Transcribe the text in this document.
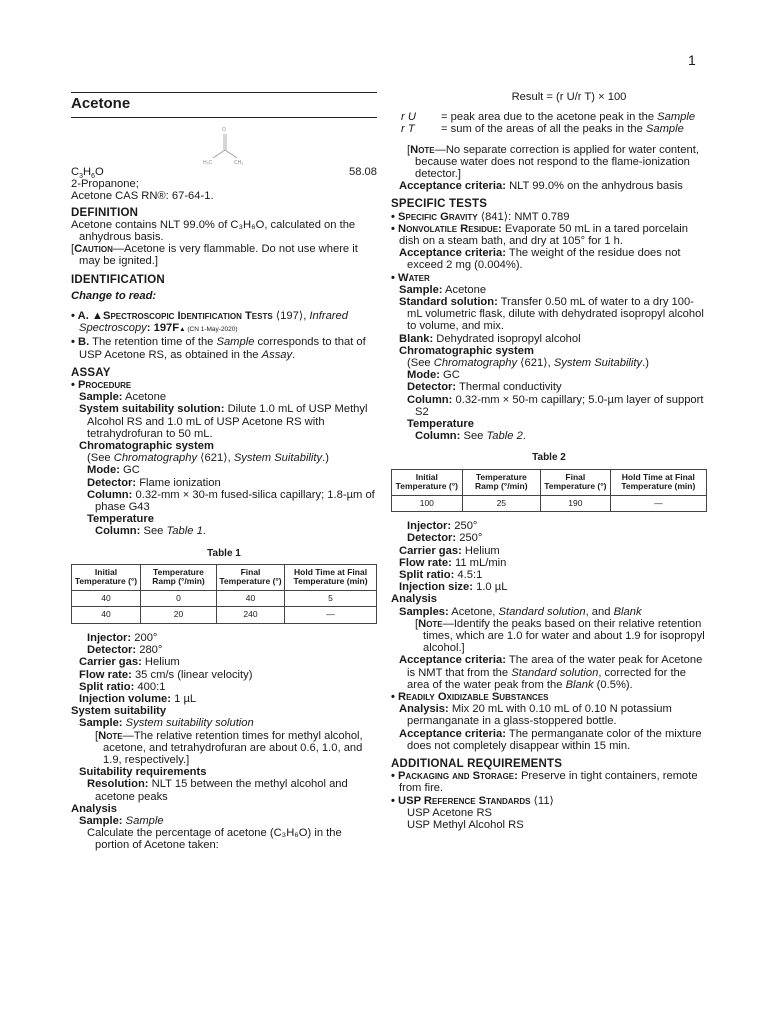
1
Acetone
O
H₃C	CH₃
$C_3H_6O$	58.08
2-Propanone;
Acetone CAS RN®: 67-64-1.
DEFINITION
Acetone contains NLT 99.0% of C₃H₆O, calculated on the anhydrous basis.
[Caution—Acetone is very flammable. Do not use where it may be ignited.]
IDENTIFICATION
Change to read:
• A. ▲Spectroscopic Identification Tests ⟨197⟩, Infrared Spectroscopy: 197F▲ (CN 1-May-2020)
• B. The retention time of the Sample corresponds to that of USP Acetone RS, as obtained in the Assay.
ASSAY
• Procedure
Sample: Acetone
System suitability solution: Dilute 1.0 mL of USP Methyl Alcohol RS and 1.0 mL of USP Acetone RS with tetrahydrofuran to 50 mL.
Chromatographic system
(See Chromatography ⟨621⟩, System Suitability.)
Mode: GC
Detector: Flame ionization
Column: 0.32-mm × 30-m fused-silica capillary; 1.8-µm of phase G43
Temperature
Column: See Table 1.
Table 1
Initial Temperature (°)	Temperature Ramp (°/min)	Final Temperature (°)	Hold Time at Final Temperature (min)
40	0	40	5
40	20	240	—
Injector: 200°
Detector: 280°
Carrier gas: Helium
Flow rate: 35 cm/s (linear velocity)
Split ratio: 400:1
Injection volume: 1 µL
System suitability
Sample: System suitability solution
[Note—The relative retention times for methyl alcohol, acetone, and tetrahydrofuran are about 0.6, 1.0, and 1.9, respectively.]
Suitability requirements
Resolution: NLT 15 between the methyl alcohol and acetone peaks
Analysis
Sample: Sample
Calculate the percentage of acetone (C₃H₆O) in the portion of Acetone taken:
Result = (r U/r T) × 100
r U	= peak area due to the acetone peak in the Sample
r T	= sum of the areas of all the peaks in the Sample
[Note—No separate correction is applied for water content, because water does not respond to the flame-ionization detector.]
Acceptance criteria: NLT 99.0% on the anhydrous basis
SPECIFIC TESTS
• Specific Gravity ⟨841⟩: NMT 0.789
• Nonvolatile Residue: Evaporate 50 mL in a tared porcelain dish on a steam bath, and dry at 105° for 1 h.
Acceptance criteria: The weight of the residue does not exceed 2 mg (0.004%).
• Water
Sample: Acetone
Standard solution: Transfer 0.50 mL of water to a dry 100-mL volumetric flask, dilute with dehydrated isopropyl alcohol to volume, and mix.
Blank: Dehydrated isopropyl alcohol
Chromatographic system
(See Chromatography ⟨621⟩, System Suitability.)
Mode: GC
Detector: Thermal conductivity
Column: 0.32-mm × 50-m capillary; 5.0-µm layer of support S2
Temperature
Column: See Table 2.
Table 2
Initial Temperature (°)	Temperature Ramp (°/min)	Final Temperature (°)	Hold Time at Final Temperature (min)
100	25	190	—
Injector: 250°
Detector: 250°
Carrier gas: Helium
Flow rate: 11 mL/min
Split ratio: 4.5:1
Injection size: 1.0 µL
Analysis
Samples: Acetone, Standard solution, and Blank
[Note—Identify the peaks based on their relative retention times, which are 1.0 for water and about 1.9 for isopropyl alcohol.]
Acceptance criteria: The area of the water peak for Acetone is NMT that from the Standard solution, corrected for the area of the water peak from the Blank (0.5%).
• Readily Oxidizable Substances
Analysis: Mix 20 mL with 0.10 mL of 0.10 N potassium permanganate in a glass-stoppered bottle.
Acceptance criteria: The permanganate color of the mixture does not completely disappear within 15 min.
ADDITIONAL REQUIREMENTS
• Packaging and Storage: Preserve in tight containers, remote from fire.
• USP Reference Standards ⟨11⟩
USP Acetone RS
USP Methyl Alcohol RS
